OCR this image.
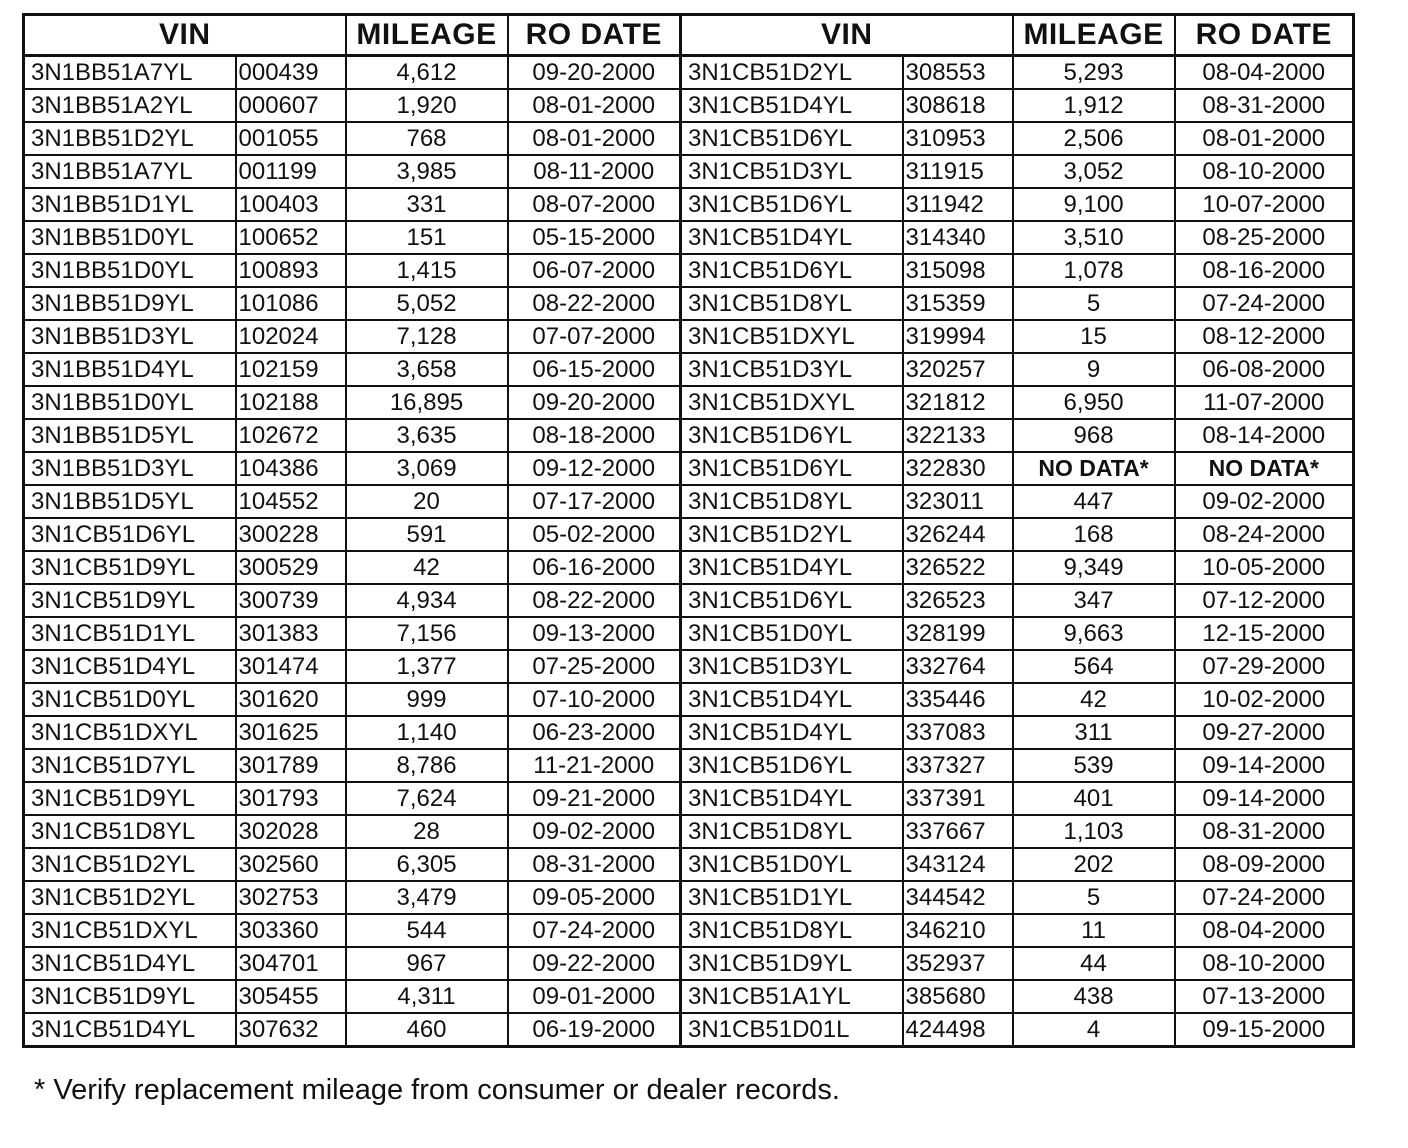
VIN		MILEAGE	RO DATE	VIN		MILEAGE	RO DATE
3N1BB51A7YL	000439	4,612	09-20-2000	3N1CB51D2YL	308553	5,293	08-04-2000
3N1BB51A2YL	000607	1,920	08-01-2000	3N1CB51D4YL	308618	1,912	08-31-2000
3N1BB51D2YL	001055	768	08-01-2000	3N1CB51D6YL	310953	2,506	08-01-2000
3N1BB51A7YL	001199	3,985	08-11-2000	3N1CB51D3YL	311915	3,052	08-10-2000
3N1BB51D1YL	100403	331	08-07-2000	3N1CB51D6YL	311942	9,100	10-07-2000
3N1BB51D0YL	100652	151	05-15-2000	3N1CB51D4YL	314340	3,510	08-25-2000
3N1BB51D0YL	100893	1,415	06-07-2000	3N1CB51D6YL	315098	1,078	08-16-2000
3N1BB51D9YL	101086	5,052	08-22-2000	3N1CB51D8YL	315359	5	07-24-2000
3N1BB51D3YL	102024	7,128	07-07-2000	3N1CB51DXYL	319994	15	08-12-2000
3N1BB51D4YL	102159	3,658	06-15-2000	3N1CB51D3YL	320257	9	06-08-2000
3N1BB51D0YL	102188	16,895	09-20-2000	3N1CB51DXYL	321812	6,950	11-07-2000
3N1BB51D5YL	102672	3,635	08-18-2000	3N1CB51D6YL	322133	968	08-14-2000
3N1BB51D3YL	104386	3,069	09-12-2000	3N1CB51D6YL	322830	NO DATA*	NO DATA*
3N1BB51D5YL	104552	20	07-17-2000	3N1CB51D8YL	323011	447	09-02-2000
3N1CB51D6YL	300228	591	05-02-2000	3N1CB51D2YL	326244	168	08-24-2000
3N1CB51D9YL	300529	42	06-16-2000	3N1CB51D4YL	326522	9,349	10-05-2000
3N1CB51D9YL	300739	4,934	08-22-2000	3N1CB51D6YL	326523	347	07-12-2000
3N1CB51D1YL	301383	7,156	09-13-2000	3N1CB51D0YL	328199	9,663	12-15-2000
3N1CB51D4YL	301474	1,377	07-25-2000	3N1CB51D3YL	332764	564	07-29-2000
3N1CB51D0YL	301620	999	07-10-2000	3N1CB51D4YL	335446	42	10-02-2000
3N1CB51DXYL	301625	1,140	06-23-2000	3N1CB51D4YL	337083	311	09-27-2000
3N1CB51D7YL	301789	8,786	11-21-2000	3N1CB51D6YL	337327	539	09-14-2000
3N1CB51D9YL	301793	7,624	09-21-2000	3N1CB51D4YL	337391	401	09-14-2000
3N1CB51D8YL	302028	28	09-02-2000	3N1CB51D8YL	337667	1,103	08-31-2000
3N1CB51D2YL	302560	6,305	08-31-2000	3N1CB51D0YL	343124	202	08-09-2000
3N1CB51D2YL	302753	3,479	09-05-2000	3N1CB51D1YL	344542	5	07-24-2000
3N1CB51DXYL	303360	544	07-24-2000	3N1CB51D8YL	346210	11	08-04-2000
3N1CB51D4YL	304701	967	09-22-2000	3N1CB51D9YL	352937	44	08-10-2000
3N1CB51D9YL	305455	4,311	09-01-2000	3N1CB51A1YL	385680	438	07-13-2000
3N1CB51D4YL	307632	460	06-19-2000	3N1CB51D01L	424498	4	09-15-2000
* Verify replacement mileage from consumer or dealer records.
